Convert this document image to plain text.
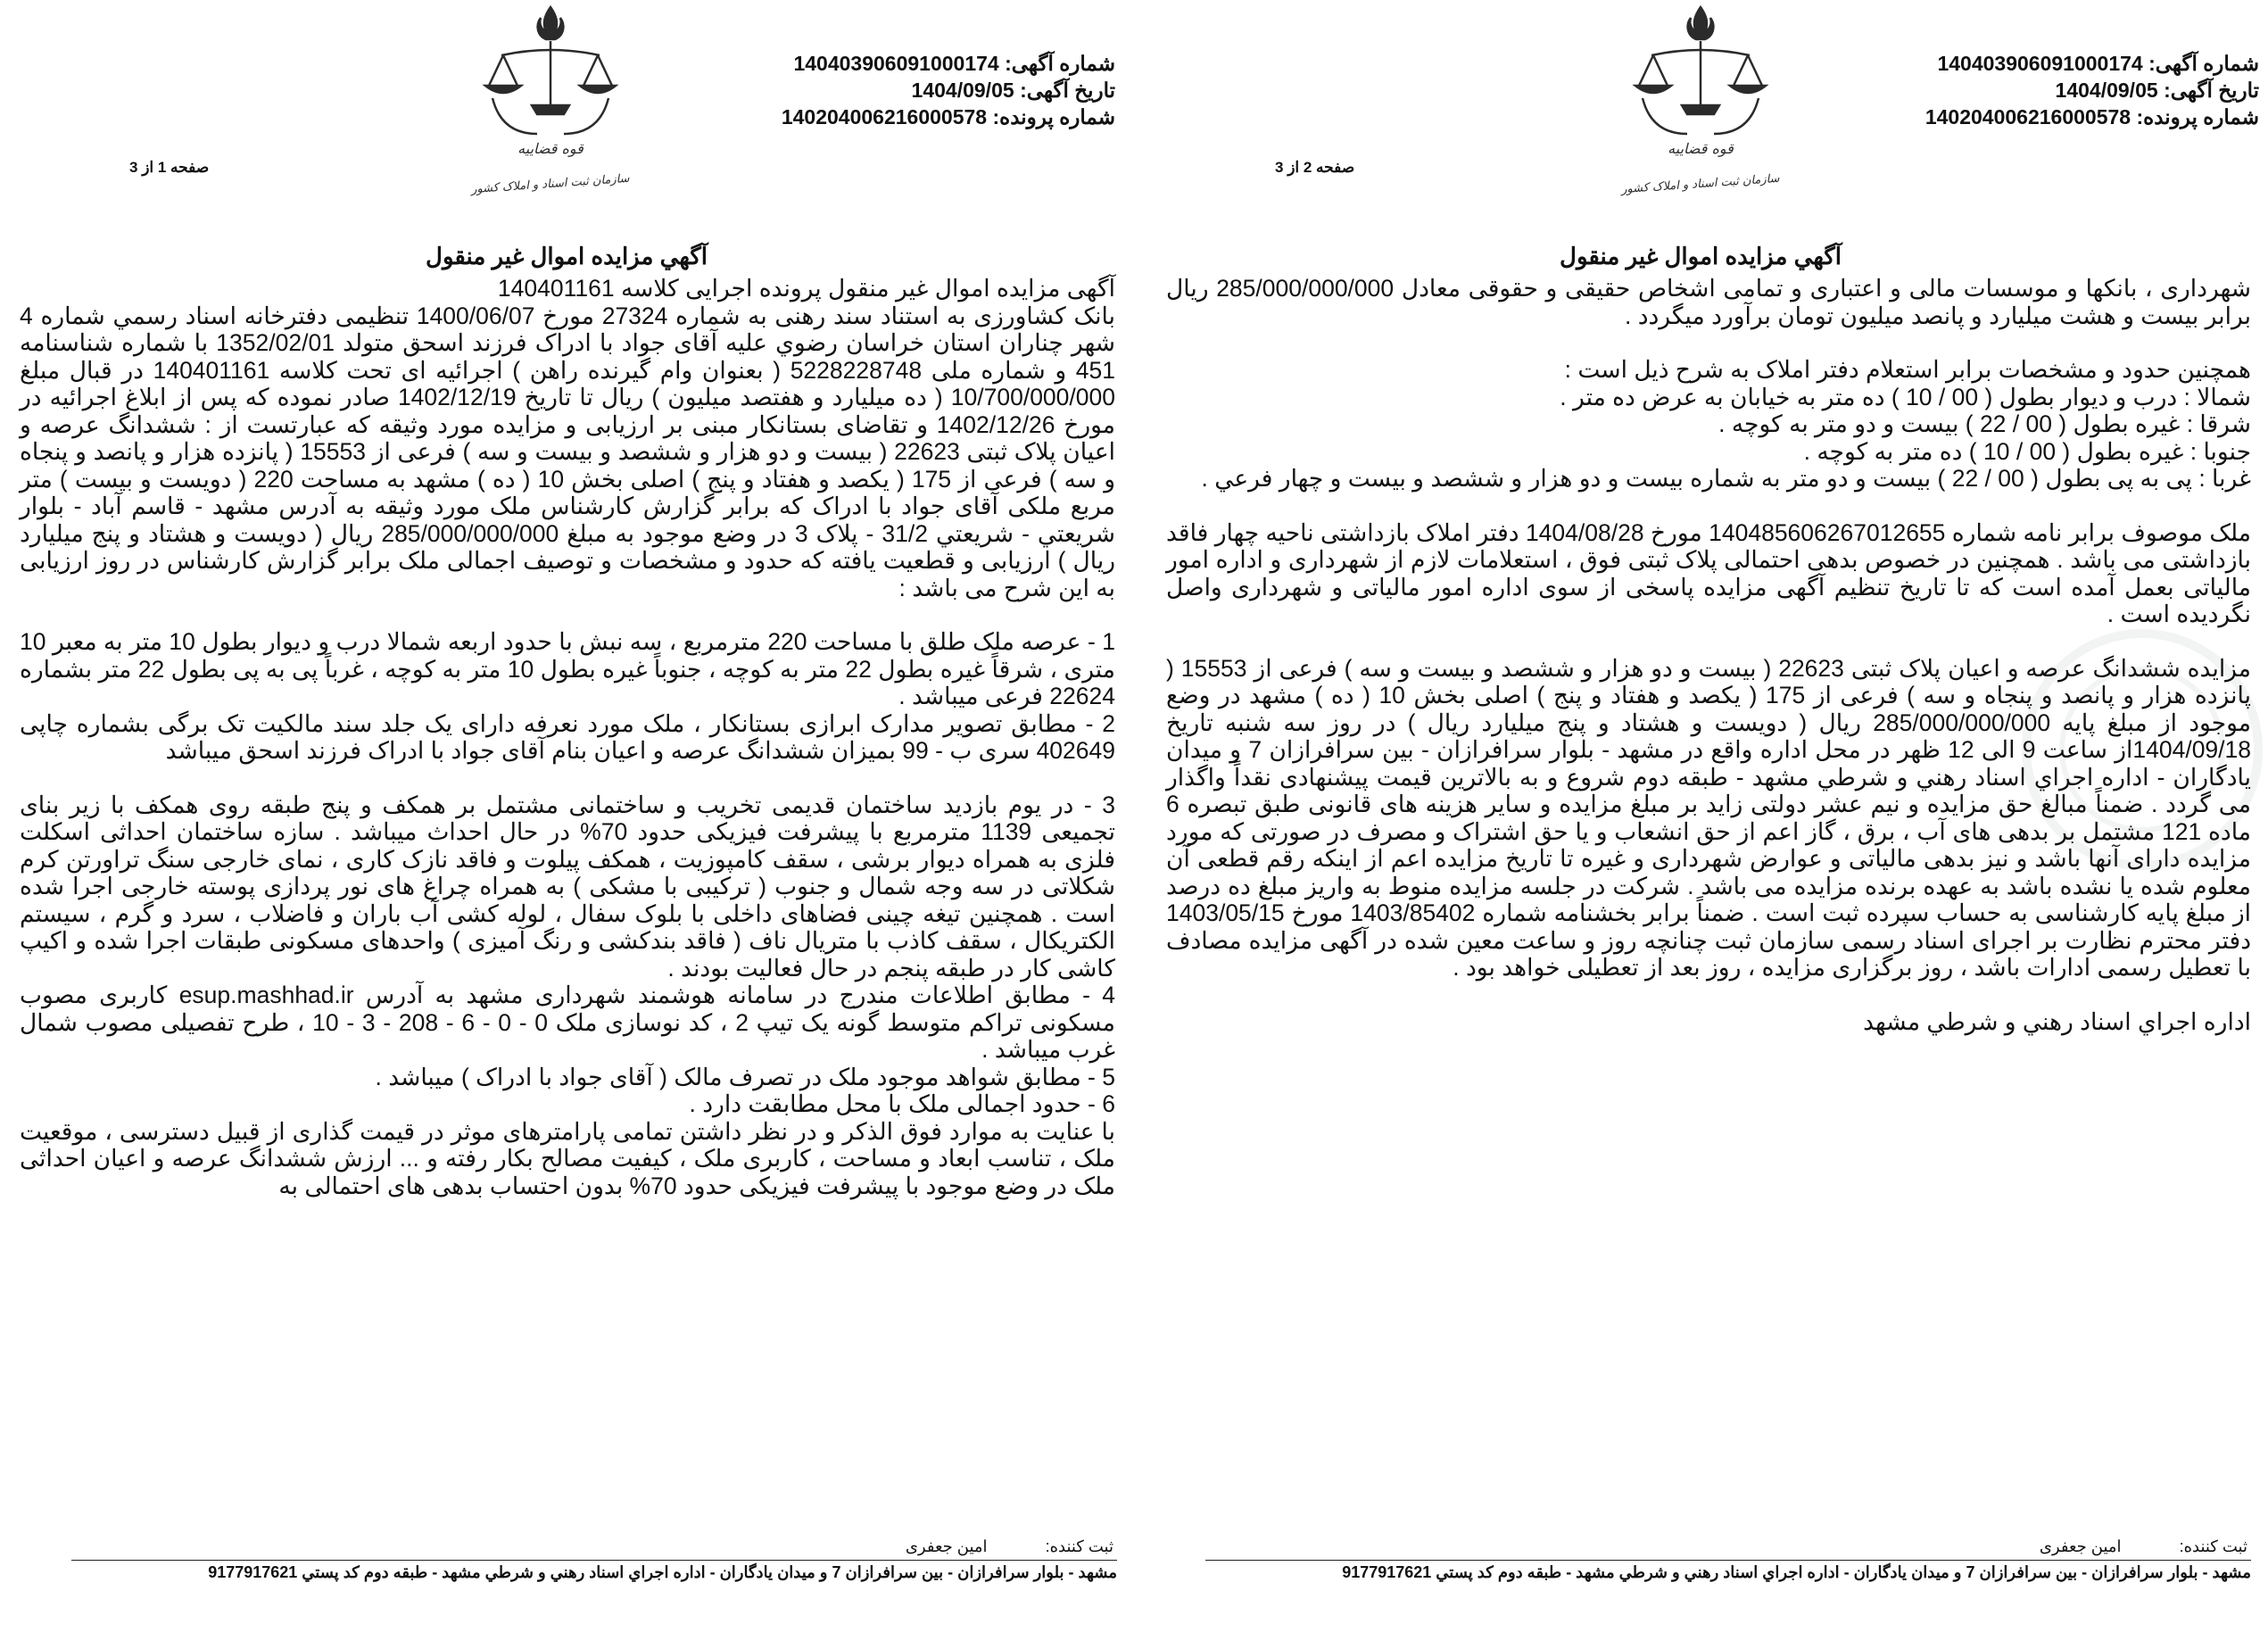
شماره آگهی: 140403906091000174
تاریخ آگهی: 1404/09/05
شماره پرونده: 140204006216000578
قوه قضاییه
سازمان ثبت اسناد و املاک کشور
صفحه 1 از 3
آگهي مزايده اموال غير منقول

آگهی مزایده اموال غیر منقول پرونده اجرایی کلاسه 140401161

بانک کشاورزی به استناد سند رهنی به شماره 27324 مورخ 1400/06/07 تنظیمی دفترخانه اسناد رسمي شماره 4 شهر چناران استان خراسان رضوي علیه آقای جواد با ادراک فرزند اسحق متولد 1352/02/01 با شماره شناسنامه 451 و شماره ملی 5228228748 ( بعنوان وام گیرنده راهن ) اجرائیه ای تحت کلاسه 140401161 در قبال مبلغ 10/700/000/000 ( ده میلیارد و هفتصد میلیون ) ریال تا تاریخ 1402/12/19 صادر نموده که پس از ابلاغ اجرائیه در مورخ 1402/12/26 و تقاضای بستانکار مبنی بر ارزیابی و مزایده مورد وثیقه که عبارتست از : ششدانگ عرصه و اعیان پلاک ثبتی 22623 ( بیست و دو هزار و ششصد و بیست و سه ) فرعی از 15553 ( پانزده هزار و پانصد و پنجاه و سه ) فرعی از 175 ( یکصد و هفتاد و پنج ) اصلی بخش 10 ( ده ) مشهد به مساحت 220 ( دویست و بیست ) متر مربع ملکی آقای جواد با ادراک که برابر گزارش کارشناس ملک مورد وثیقه به آدرس مشهد - قاسم آباد - بلوار شریعتي - شریعتي 31/2 - پلاک 3 در وضع موجود به مبلغ 285/000/000/000 ریال ( دویست و هشتاد و پنج میلیارد ریال ) ارزیابی و قطعیت یافته که حدود و مشخصات و توصیف اجمالی ملک برابر گزارش کارشناس در روز ارزیابی به این شرح می باشد :

1 - عرصه ملک طلق با مساحت 220 مترمربع ، سه نبش با حدود اربعه شمالا درب و دیوار بطول 10 متر به معبر 10 متری ، شرقاً غیره بطول 22 متر به کوچه ، جنوباً غیره بطول 10 متر به کوچه ، غرباً پی به پی بطول 22 متر بشماره 22624 فرعی میباشد .

2 - مطابق تصویر مدارک ابرازی بستانکار ، ملک مورد نعرفه دارای یک جلد سند مالکیت تک برگی بشماره چاپی 402649 سری ب - 99 بمیزان ششدانگ عرصه و اعیان بنام آقای جواد با ادراک فرزند اسحق میباشد

3 - در یوم بازدید ساختمان قدیمی تخریب و ساختمانی مشتمل بر همکف و پنج طبقه روی همکف با زیر بنای تجمیعی 1139 مترمربع با پیشرفت فیزیکی حدود 70% در حال احداث میباشد . سازه ساختمان احداثی اسکلت فلزی به همراه دیوار برشی ، سقف کامپوزیت ، همکف پیلوت و فاقد نازک کاری ، نمای خارجی سنگ تراورتن کرم شکلاتی در سه وجه شمال و جنوب ( ترکیبی با مشکی ) به همراه چراغ های نور پردازی پوسته خارجی اجرا شده است . همچنین تیغه چینی فضاهای داخلی با بلوک سفال ، لوله کشی آب باران و فاضلاب ، سرد و گرم ، سیستم الکتریکال ، سقف کاذب با متریال ناف ( فاقد بندکشی و رنگ آمیزی ) واحدهای مسکونی طبقات اجرا شده و اکیپ کاشی کار در طبقه پنجم در حال فعالیت بودند .

4 - مطابق اطلاعات مندرج در سامانه هوشمند شهرداری مشهد به آدرس esup.mashhad.ir کاربری مصوب مسکونی تراکم متوسط گونه یک تیپ 2 ، کد نوسازی ملک 0 - 0 - 6 - 208 - 3 - 10 ، طرح تفصیلی مصوب شمال غرب میباشد .

5 - مطابق شواهد موجود ملک در تصرف مالک ( آقای جواد با ادراک ) میباشد .

6 - حدود اجمالی ملک با محل مطابقت دارد .

با عنایت به موارد فوق الذکر و در نظر داشتن تمامی پارامترهای موثر در قیمت گذاری از قبیل دسترسی ، موقعیت ملک ، تناسب ابعاد و مساحت ، کاربری ملک ، کیفیت مصالح بکار رفته و ... ارزش ششدانگ عرصه و اعیان احداثی ملک در وضع موجود با پیشرفت فیزیکی حدود 70% بدون احتساب بدهی های احتمالی به

ثبت کننده: امین جعفری
مشهد - بلوار سرافرازان - بین سرافرازان 7 و میدان یادگاران - اداره اجراي اسناد رهني و شرطي مشهد - طبقه دوم کد پستي 9177917621
شماره آگهی: 140403906091000174
تاریخ آگهی: 1404/09/05
شماره پرونده: 140204006216000578
قوه قضاییه
سازمان ثبت اسناد و املاک کشور
صفحه 2 از 3
آگهي مزايده اموال غير منقول

شهرداری ، بانکها و موسسات مالی و اعتباری و تمامی اشخاص حقیقی و حقوقی معادل 285/000/000/000 ریال برابر بیست و هشت میلیارد و پانصد میلیون تومان برآورد میگردد .

همچنین حدود و مشخصات برابر استعلام دفتر املاک به شرح ذیل است :

شمالا : درب و دیوار بطول ( 00 / 10 ) ده متر به خیابان به عرض ده متر .

شرقا : غیره بطول ( 00 / 22 ) بیست و دو متر به کوچه .

جنوبا : غیره بطول ( 00 / 10 ) ده متر به کوچه .

غربا : پی به پی بطول ( 00 / 22 ) بیست و دو متر به شماره بیست و دو هزار و ششصد و بیست و چهار فرعي .

ملک موصوف برابر نامه شماره 140485606267012655 مورخ 1404/08/28 دفتر املاک بازداشتی ناحیه چهار فاقد بازداشتی می باشد . همچنین در خصوص بدهی احتمالی پلاک ثبتی فوق ، استعلامات لازم از شهرداری و اداره امور مالیاتی بعمل آمده است که تا تاریخ تنظیم آگهی مزایده پاسخی از سوی اداره امور مالیاتی و شهرداری واصل نگردیده است .

مزایده ششدانگ عرصه و اعیان پلاک ثبتی 22623 ( بیست و دو هزار و ششصد و بیست و سه ) فرعی از 15553 ( پانزده هزار و پانصد و پنجاه و سه ) فرعی از 175 ( یکصد و هفتاد و پنج ) اصلی بخش 10 ( ده ) مشهد در وضع موجود از مبلغ پایه 285/000/000/000 ریال ( دویست و هشتاد و پنج میلیارد ریال ) در روز سه شنبه تاریخ 1404/09/18از ساعت 9 الی 12 ظهر در محل اداره واقع در مشهد - بلوار سرافرازان - بین سرافرازان 7 و میدان یادگاران - اداره اجراي اسناد رهني و شرطي مشهد - طبقه دوم شروع و به بالاترین قیمت پیشنهادی نقداً واگذار می گردد . ضمناً مبالغ حق مزایده و نیم عشر دولتی زاید بر مبلغ مزایده و سایر هزینه های قانونی طبق تبصره 6 ماده 121 مشتمل بر بدهی های آب ، برق ، گاز اعم از حق انشعاب و یا حق اشتراک و مصرف در صورتی که مورد مزایده دارای آنها باشد و نیز بدهی مالیاتی و عوارض شهرداری و غیره تا تاریخ مزایده اعم از اینکه رقم قطعی آن معلوم شده یا نشده باشد به عهده برنده مزایده می باشد . شرکت در جلسه مزایده منوط به واریز مبلغ ده درصد از مبلغ پایه کارشناسی به حساب سپرده ثبت است . ضمناً برابر بخشنامه شماره 1403/85402 مورخ 1403/05/15 دفتر محترم نظارت بر اجرای اسناد رسمی سازمان ثبت چنانچه روز و ساعت معین شده در آگهی مزایده مصادف با تعطیل رسمی ادارات باشد ، روز برگزاری مزایده ، روز بعد از تعطیلی خواهد بود .

اداره اجراي اسناد رهني و شرطي مشهد

ثبت کننده: امین جعفری
مشهد - بلوار سرافرازان - بین سرافرازان 7 و میدان یادگاران - اداره اجراي اسناد رهني و شرطي مشهد - طبقه دوم کد پستي 9177917621
